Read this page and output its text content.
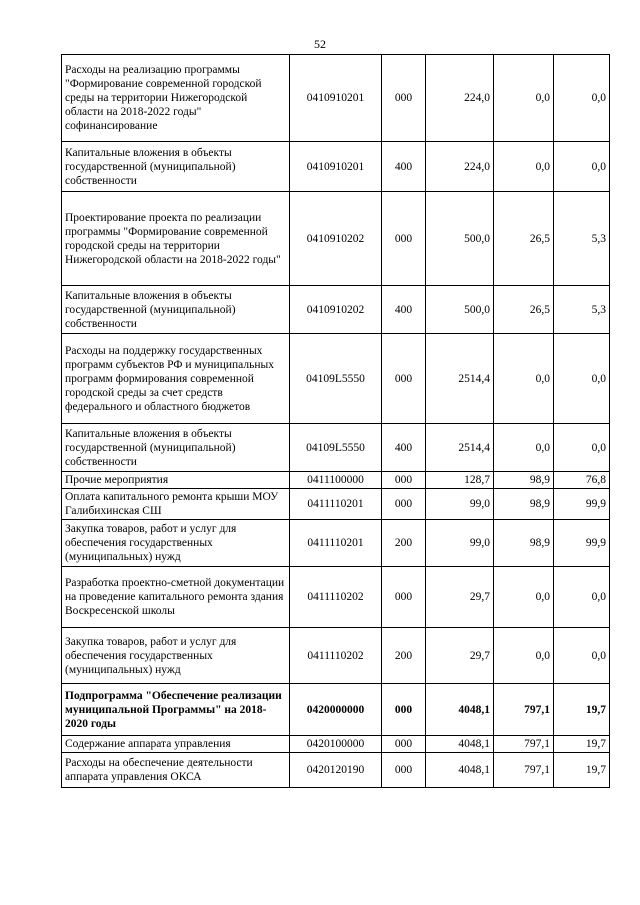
52
Расходы на реализацию программы "Формирование современной городской среды на территории Нижегородской области на 2018-2022 годы" софинансирование	0410910201	000	224,0	0,0	0,0
Капитальные вложения в объекты государственной (муниципальной) собственности	0410910201	400	224,0	0,0	0,0
Проектирование проекта по реализации программы "Формирование современной городской среды на территории Нижегородской области на 2018-2022 годы"	0410910202	000	500,0	26,5	5,3
Капитальные вложения в объекты государственной (муниципальной) собственности	0410910202	400	500,0	26,5	5,3
Расходы на поддержку государственных программ субъектов РФ и муниципальных программ формирования современной городской среды за счет средств федерального и областного бюджетов	04109L5550	000	2514,4	0,0	0,0
Капитальные вложения в объекты государственной (муниципальной) собственности	04109L5550	400	2514,4	0,0	0,0
Прочие мероприятия	0411100000	000	128,7	98,9	76,8
Оплата капитального ремонта крыши МОУ Галибихинская СШ	0411110201	000	99,0	98,9	99,9
Закупка товаров, работ и услуг для обеспечения государственных (муниципальных) нужд	0411110201	200	99,0	98,9	99,9
Разработка проектно-сметной документации на проведение капитального ремонта здания Воскресенской школы	0411110202	000	29,7	0,0	0,0
Закупка товаров, работ и услуг для обеспечения государственных (муниципальных) нужд	0411110202	200	29,7	0,0	0,0
Подпрограмма "Обеспечение реализации муниципальной Программы" на 2018-2020 годы	0420000000	000	4048,1	797,1	19,7
Содержание аппарата управления	0420100000	000	4048,1	797,1	19,7
Расходы на обеспечение деятельности аппарата управления ОКСА	0420120190	000	4048,1	797,1	19,7
